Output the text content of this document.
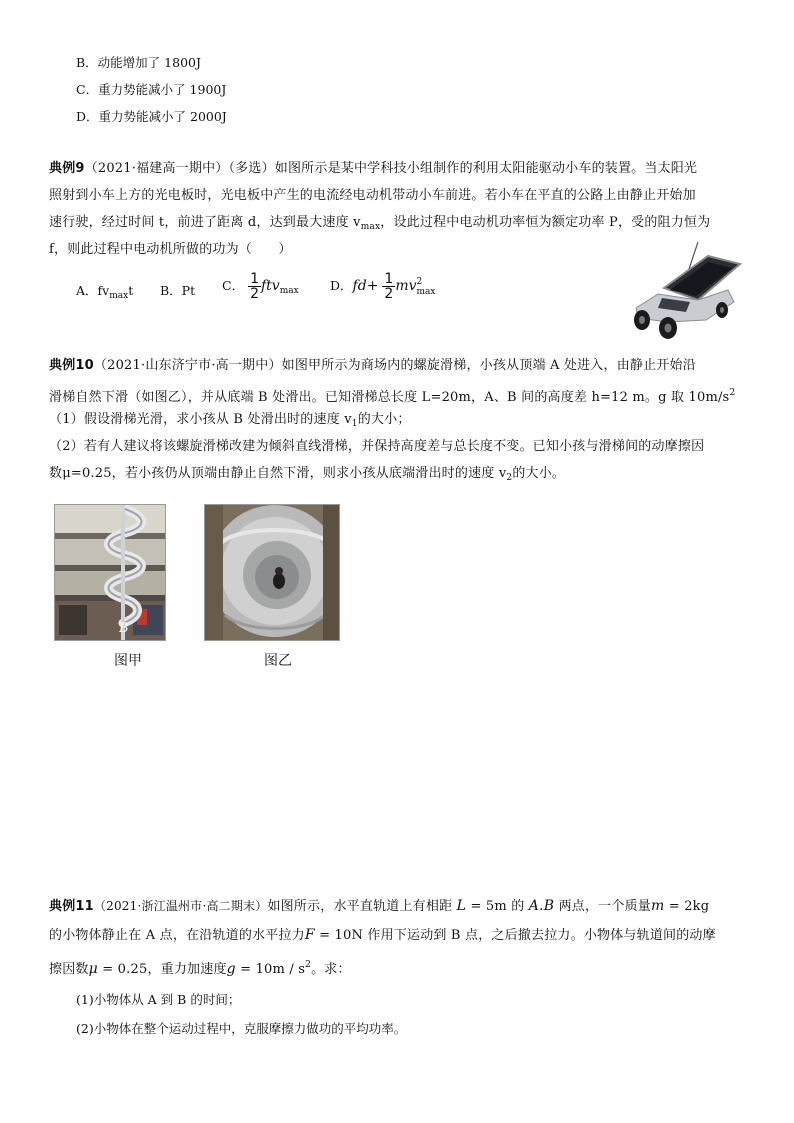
B．动能增加了 1800J
C．重力势能减小了 1900J
D．重力势能减小了 2000J
典例9（2021·福建高一期中）（多选）如图所示是某中学科技小组制作的利用太阳能驱动小车的装置。当太阳光
照射到小车上方的光电板时，光电板中产生的电流经电动机带动小车前进。若小车在平直的公路上由静止开始加
速行驶，经过时间 t，前进了距离 d，达到最大速度 $v_{max}$，设此过程中电动机功率恒为额定功率 P，受的阻力恒为
f，则此过程中电动机所做的功为（　　）
A．$fv_{max}t$ B．Pt C． $\frac{1}{2} ftv_{max}$	D．$fd+ \frac{1}{2}$ mv 2
max
典例10（2021·山东济宁市·高一期中）如图甲所示为商场内的螺旋滑梯，小孩从顶端 A 处进入，由静止开始沿
滑梯自然下滑（如图乙），并从底端 B 处滑出。已知滑梯总长度 L=20m，A、B 间的高度差 h=12 m。g 取 $10m/s^2$
（1）假设滑梯光滑，求小孩从 B 处滑出时的速度 $v_1$的大小；
（2）若有人建议将该螺旋滑梯改建为倾斜直线滑梯，并保持高度差与总长度不变。已知小孩与滑梯间的动摩擦因
数μ=0.25，若小孩仍从顶端由静止自然下滑，则求小孩从底端滑出时的速度 $v_2$的大小。
B
图甲	图乙
典例11（2021·浙江温州市·高二期末）如图所示，水平直轨道上有相距 L = 5m 的 A.B 两点，一个质量m = 2kg
的小物体静止在 A 点，在沿轨道的水平拉力F = 10N 作用下运动到 B 点，之后撤去拉力。小物体与轨道间的动摩
擦因数μ = 0.25，重力加速度$g = 10m / s^2$。求：
(1)小物体从 A 到 B 的时间；
(2)小物体在整个运动过程中，克服摩擦力做功的平均功率。
